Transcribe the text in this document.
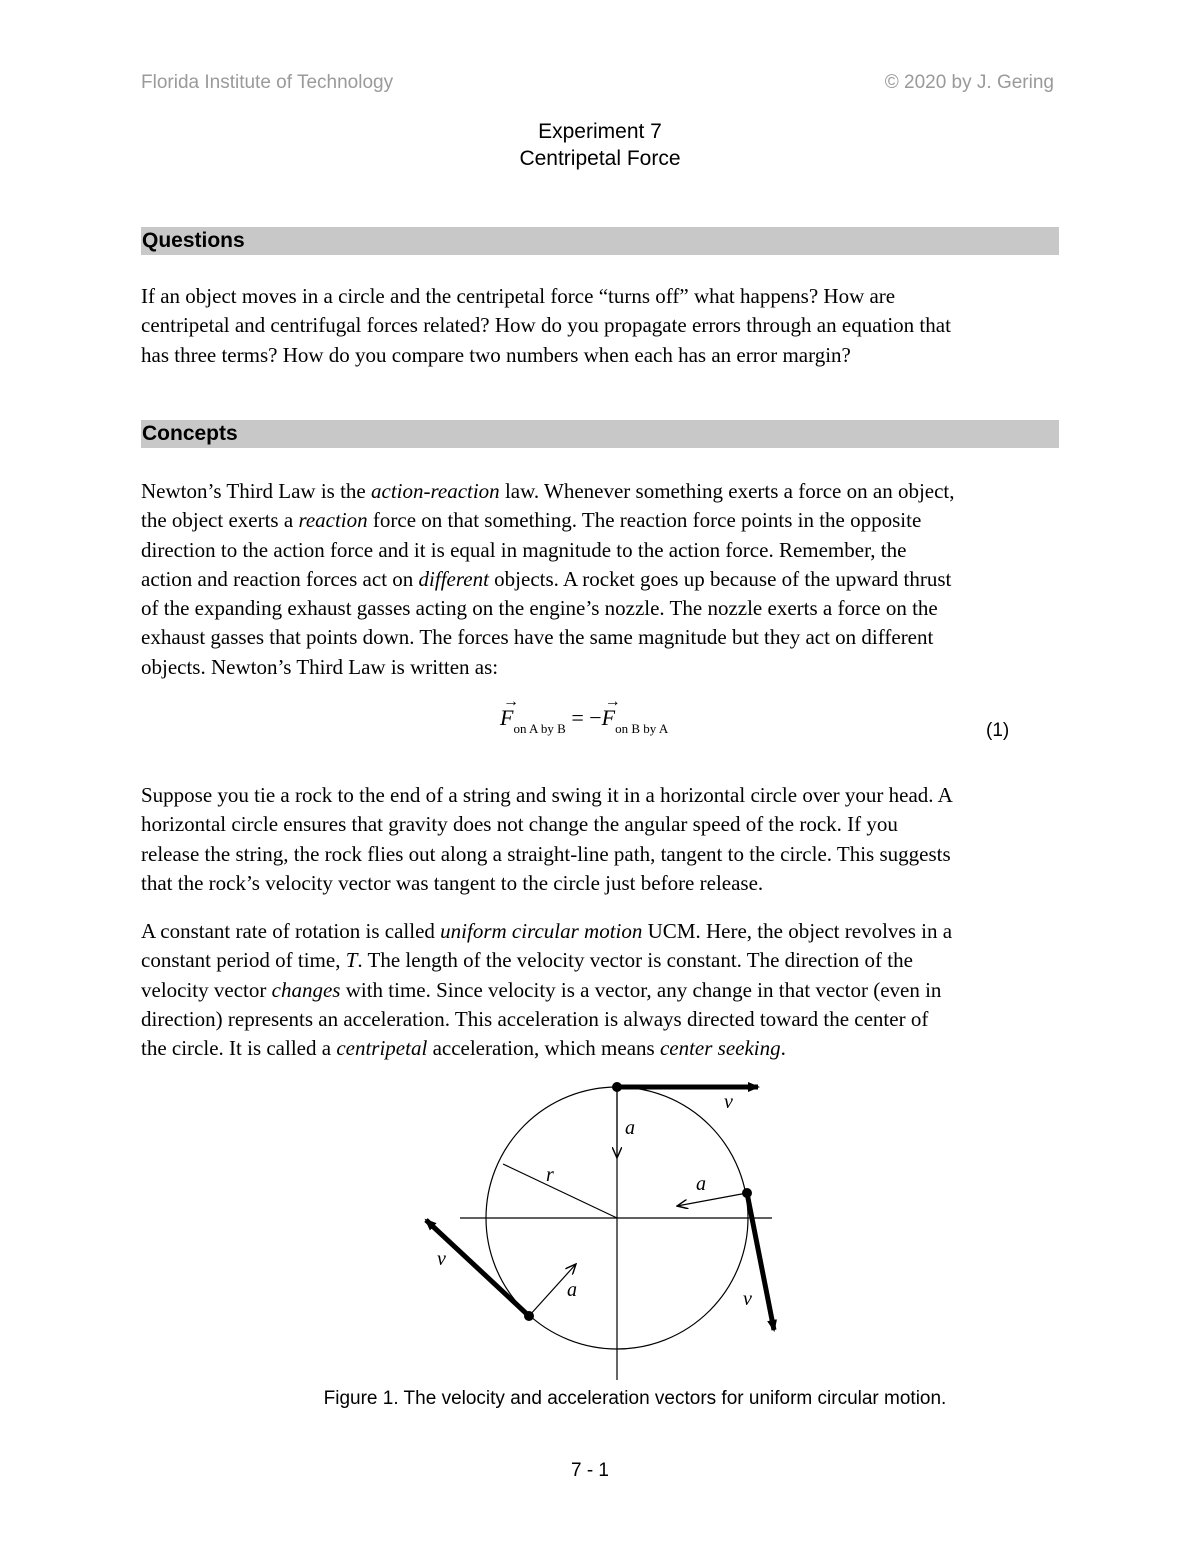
Florida Institute of Technology	© 2020 by J. Gering
Experiment 7
Centripetal Force
Questions

If an object moves in a circle and the centripetal force “turns off” what happens? How are

centripetal and centrifugal forces related? How do you propagate errors through an equation that

has three terms? How do you compare two numbers when each has an error margin?

Concepts

Newton’s Third Law is the action-reaction law. Whenever something exerts a force on an object,

the object exerts a reaction force on that something. The reaction force points in the opposite

direction to the action force and it is equal in magnitude to the action force. Remember, the

action and reaction forces act on different objects. A rocket goes up because of the upward thrust

of the expanding exhaust gasses acting on the engine’s nozzle. The nozzle exerts a force on the

exhaust gasses that points down. The forces have the same magnitude but they act on different

objects. Newton’s Third Law is written as:

→
$F_{on A by B}$ = −
→
$F_{on B by A}$	(1)

Suppose you tie a rock to the end of a string and swing it in a horizontal circle over your head. A

horizontal circle ensures that gravity does not change the angular speed of the rock. If you

release the string, the rock flies out along a straight-line path, tangent to the circle. This suggests

that the rock’s velocity vector was tangent to the circle just before release.

A constant rate of rotation is called uniform circular motion UCM. Here, the object revolves in a

constant period of time, T. The length of the velocity vector is constant. The direction of the

velocity vector changes with time. Since velocity is a vector, any change in that vector (even in

direction) represents an acceleration. This acceleration is always directed toward the center of

the circle. It is called a centripetal acceleration, which means center seeking.

v
a
r	a
v
v
a
Figure 1. The velocity and acceleration vectors for uniform circular motion.
7 - 1
